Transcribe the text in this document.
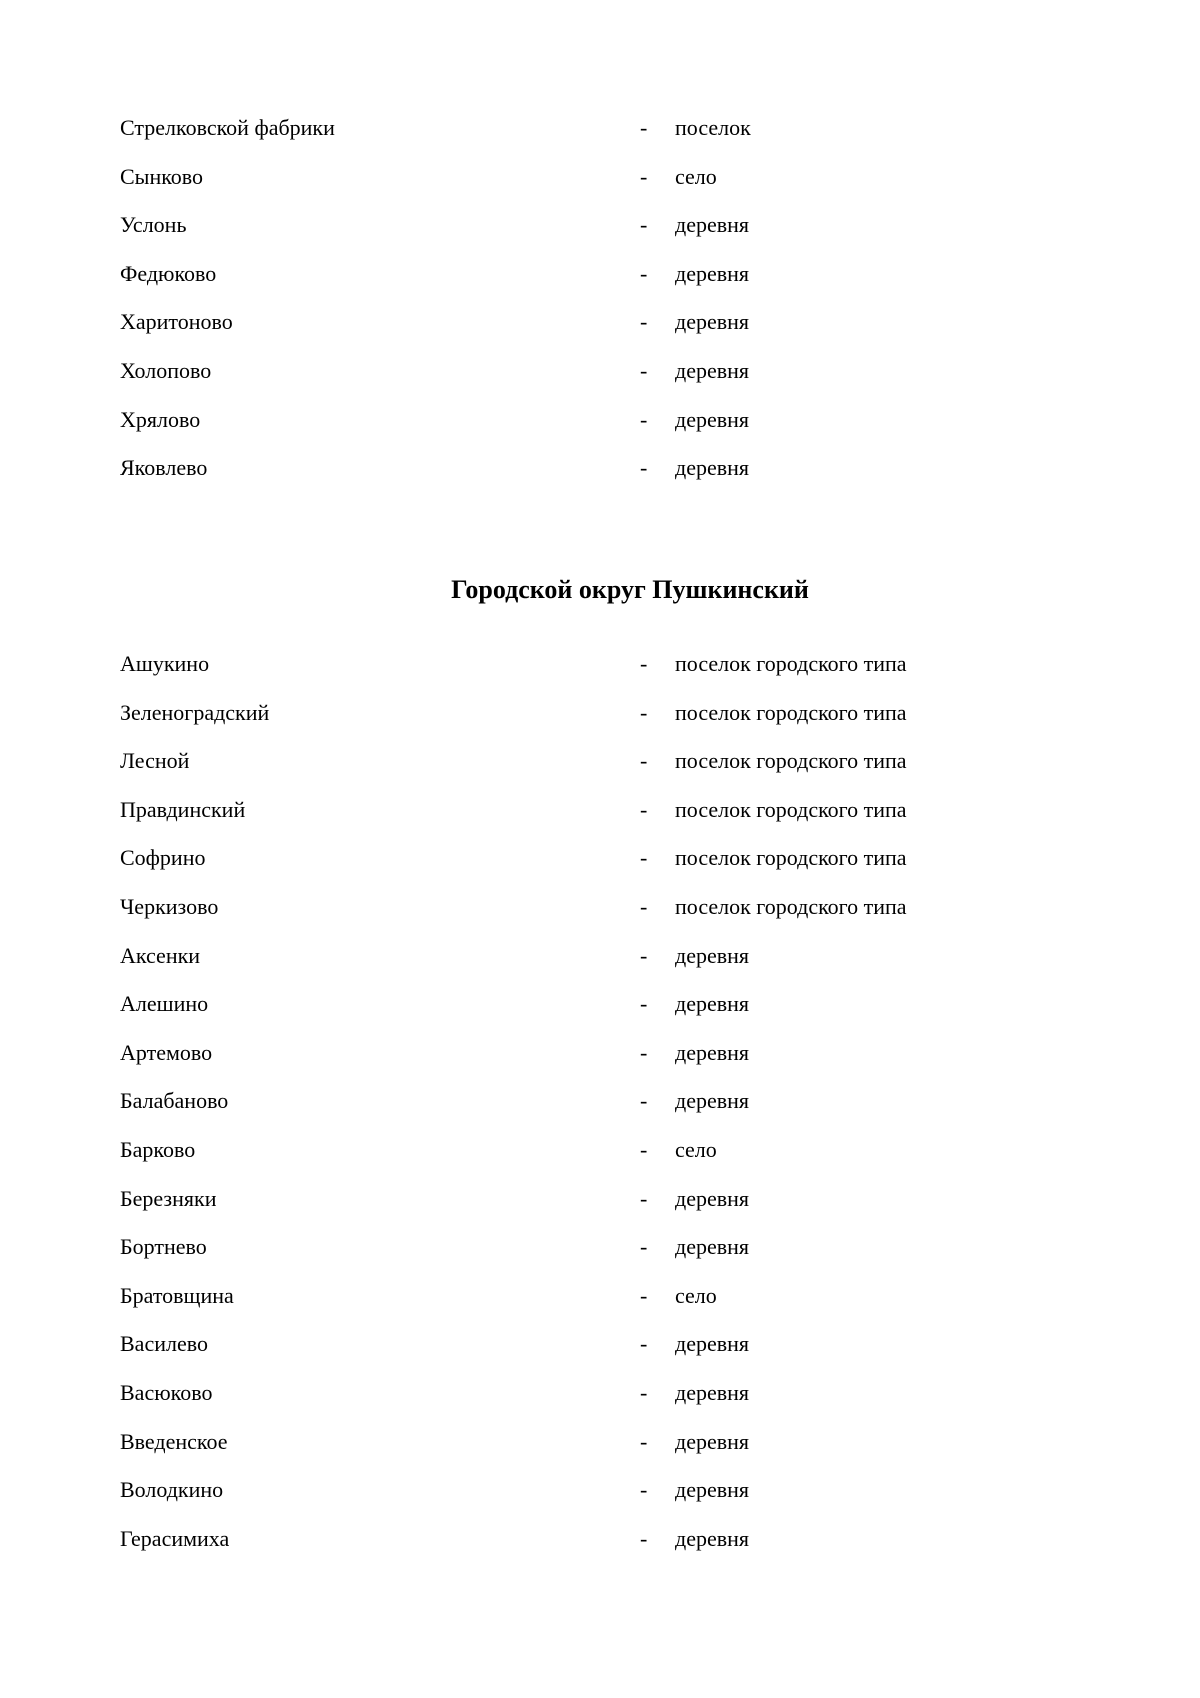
Стрелковской фабрики	- поселок
Сынково	- село
Услонь	- деревня
Федюково	- деревня
Харитоново	- деревня
Холопово	- деревня
Хрялово	- деревня
Яковлево	- деревня
Городской округ Пушкинский
Ашукино	- поселок городского типа
Зеленоградский	- поселок городского типа
Лесной	- поселок городского типа
Правдинский	- поселок городского типа
Софрино	- поселок городского типа
Черкизово	- поселок городского типа
Аксенки	- деревня
Алешино	- деревня
Артемово	- деревня
Балабаново	- деревня
Барково	- село
Березняки	- деревня
Бортнево	- деревня
Братовщина	- село
Василево	- деревня
Васюково	- деревня
Введенское	- деревня
Володкино	- деревня
Герасимиха	- деревня
